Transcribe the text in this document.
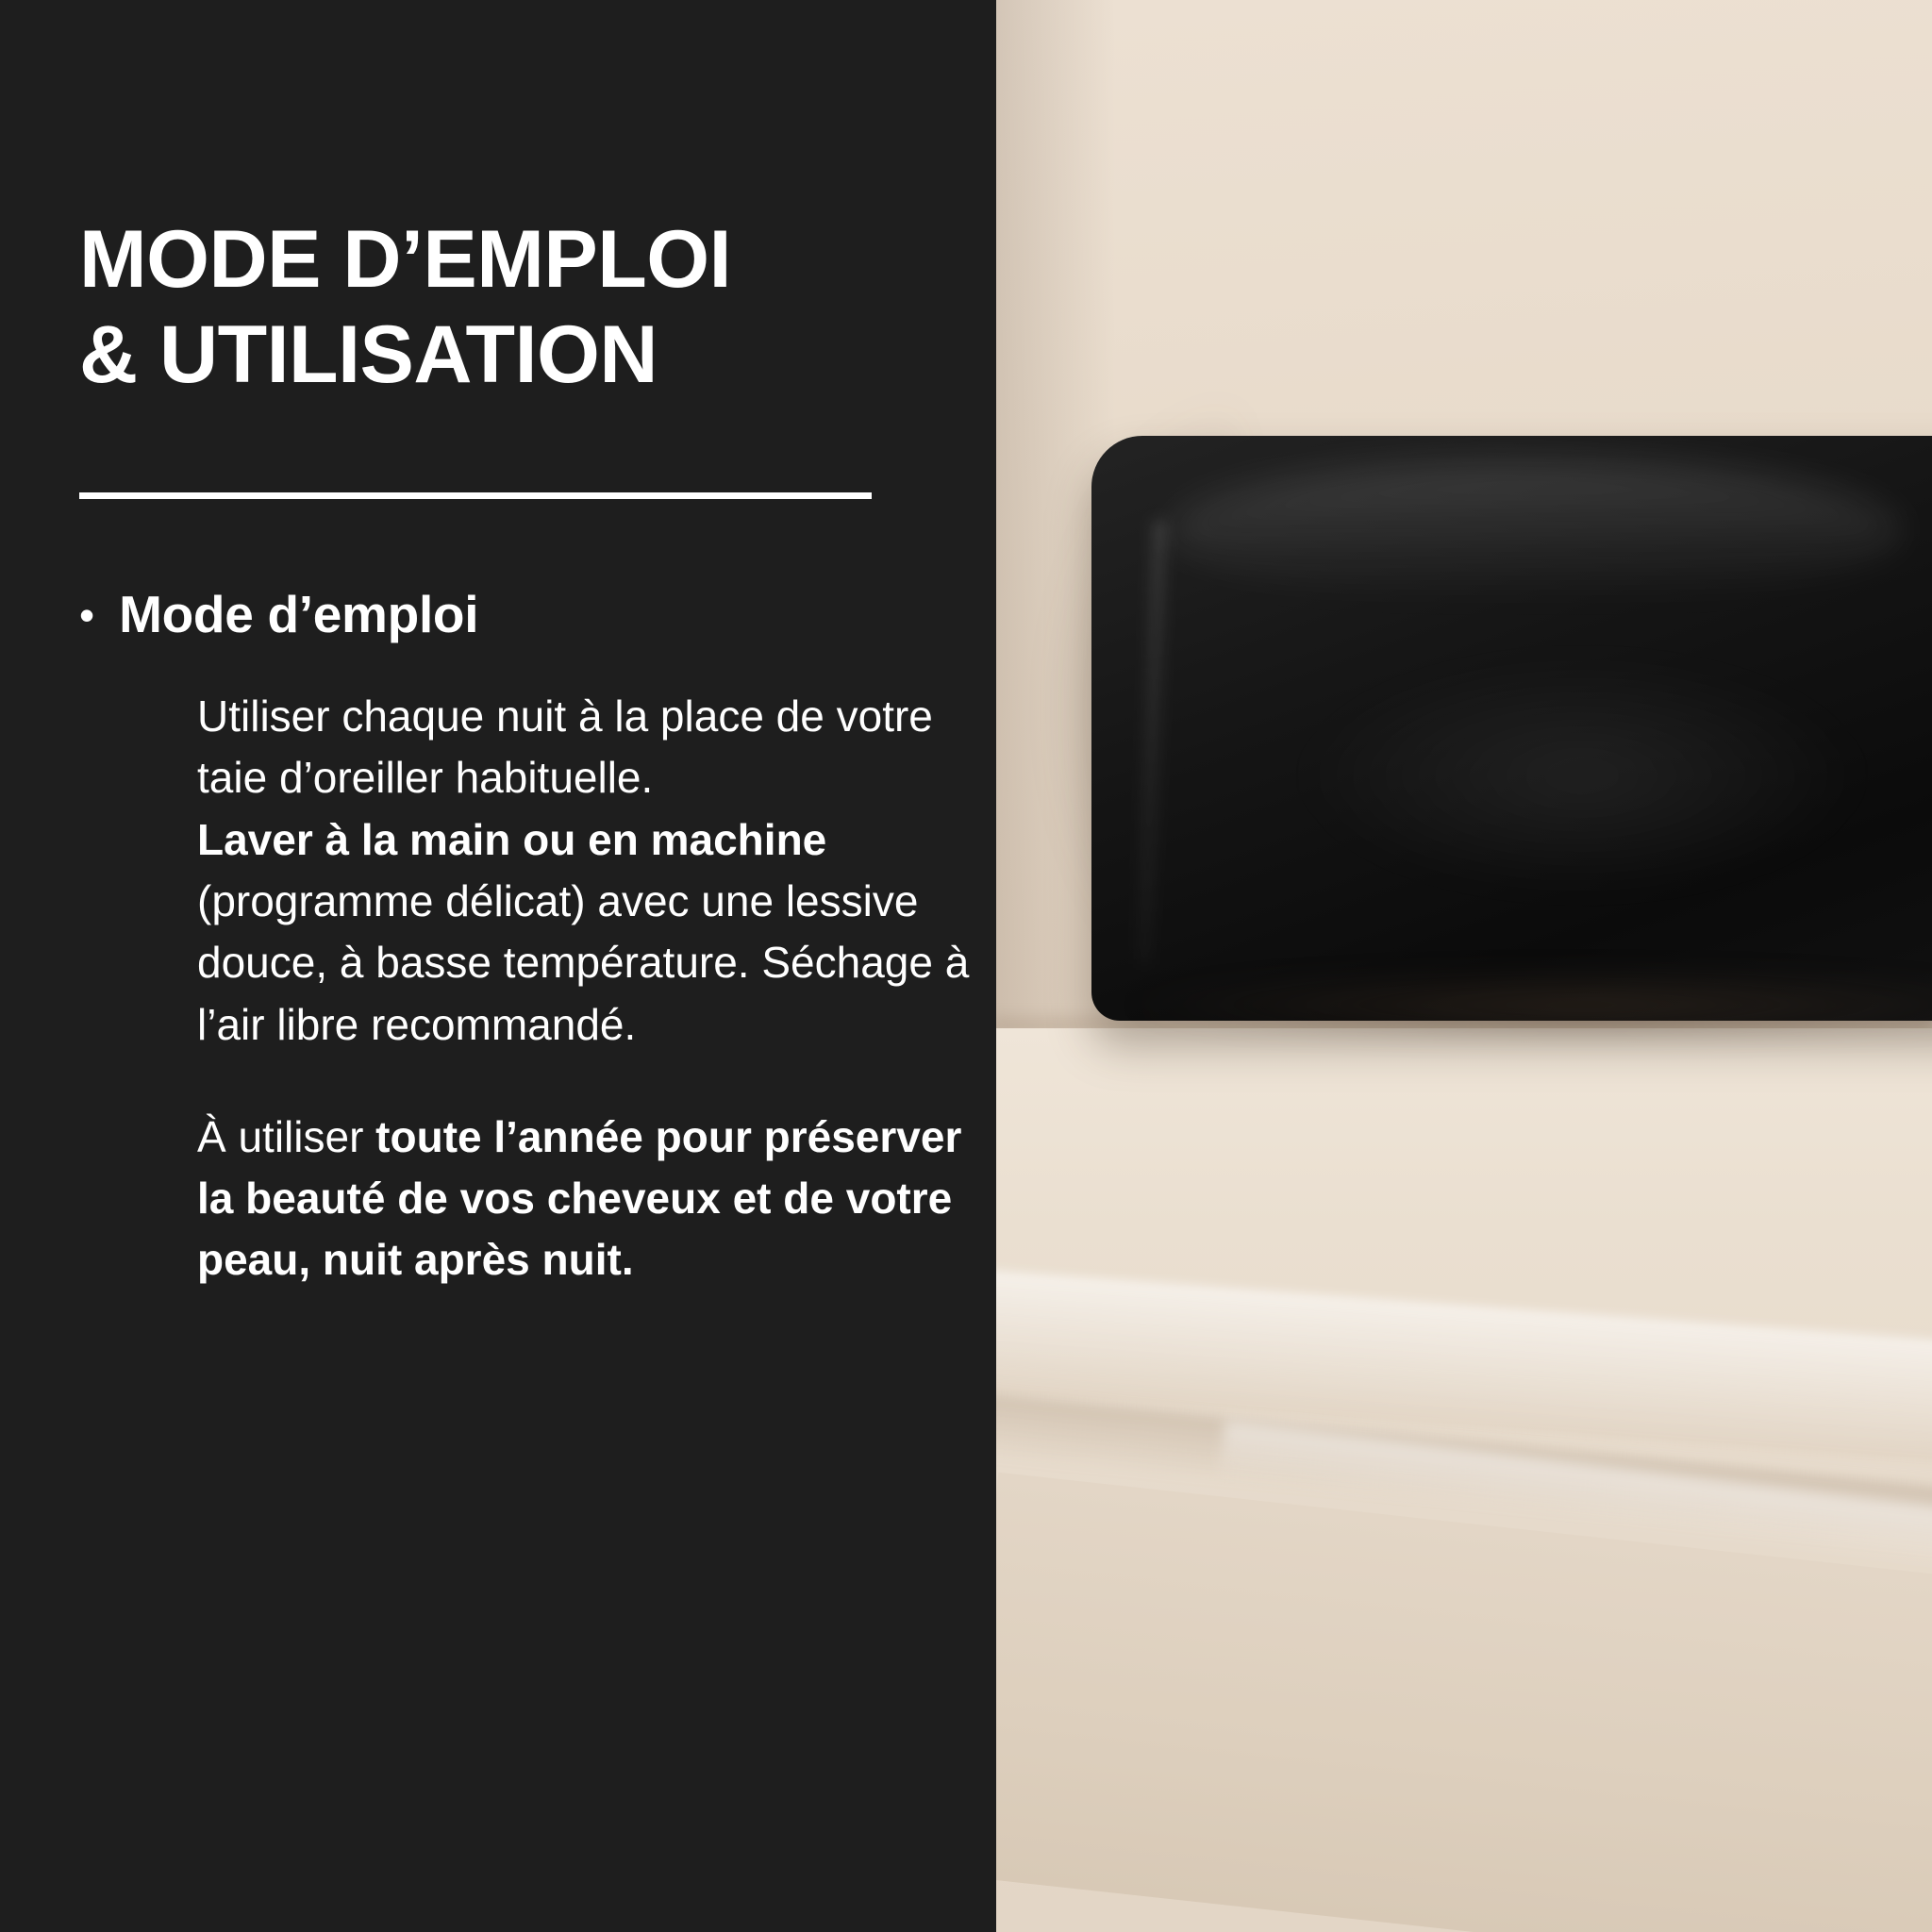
MODE D’EMPLOI
& UTILISATION
• Mode d’emploi

Utiliser chaque nuit à la place de votre taie d’oreiller habituelle.

Laver à la main ou en machine (programme délicat) avec une lessive douce, à basse température. Séchage à l’air libre recommandé.

À utiliser toute l’année pour préserver la beauté de vos cheveux et de votre peau, nuit après nuit.
